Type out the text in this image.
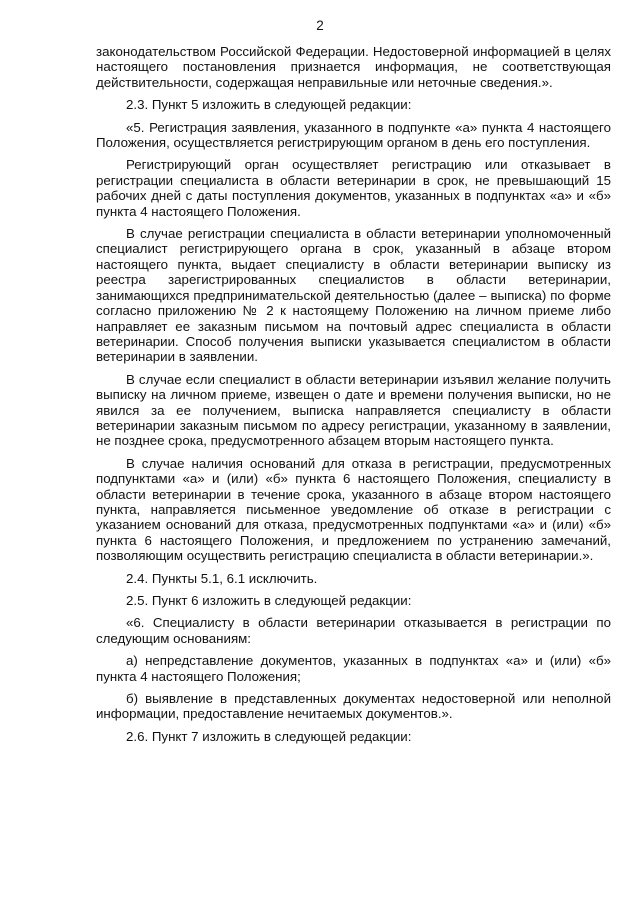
2

законодательством Российской Федерации. Недостоверной информацией в целях настоящего постановления признается информация, не соответствующая действительности, содержащая неправильные или неточные сведения.».

2.3. Пункт 5 изложить в следующей редакции:

«5. Регистрация заявления, указанного в подпункте «а» пункта 4 настоящего Положения, осуществляется регистрирующим органом в день его поступления.

Регистрирующий орган осуществляет регистрацию или отказывает в регистрации специалиста в области ветеринарии в срок, не превышающий 15 рабочих дней с даты поступления документов, указанных в подпунктах «а» и «б» пункта 4 настоящего Положения.

В случае регистрации специалиста в области ветеринарии уполномоченный специалист регистрирующего органа в срок, указанный в абзаце втором настоящего пункта, выдает специалисту в области ветеринарии выписку из реестра зарегистрированных специалистов в области ветеринарии, занимающихся предпринимательской деятельностью (далее – выписка) по форме согласно приложению № 2 к настоящему Положению на личном приеме либо направляет ее заказным письмом на почтовый адрес специалиста в области ветеринарии. Способ получения выписки указывается специалистом в области ветеринарии в заявлении.

В случае если специалист в области ветеринарии изъявил желание получить выписку на личном приеме, извещен о дате и времени получения выписки, но не явился за ее получением, выписка направляется специалисту в области ветеринарии заказным письмом по адресу регистрации, указанному в заявлении, не позднее срока, предусмотренного абзацем вторым настоящего пункта.

В случае наличия оснований для отказа в регистрации, предусмотренных подпунктами «а» и (или) «б» пункта 6 настоящего Положения, специалисту в области ветеринарии в течение срока, указанного в абзаце втором настоящего пункта, направляется письменное уведомление об отказе в регистрации с указанием оснований для отказа, предусмотренных подпунктами «а» и (или) «б» пункта 6 настоящего Положения, и предложением по устранению замечаний, позволяющим осуществить регистрацию специалиста в области ветеринарии.».

2.4. Пункты 5.1, 6.1 исключить.

2.5. Пункт 6 изложить в следующей редакции:

«6. Специалисту в области ветеринарии отказывается в регистрации по следующим основаниям:

а) непредставление документов, указанных в подпунктах «а» и (или) «б» пункта 4 настоящего Положения;

б) выявление в представленных документах недостоверной или неполной информации, предоставление нечитаемых документов.».

2.6. Пункт 7 изложить в следующей редакции:
